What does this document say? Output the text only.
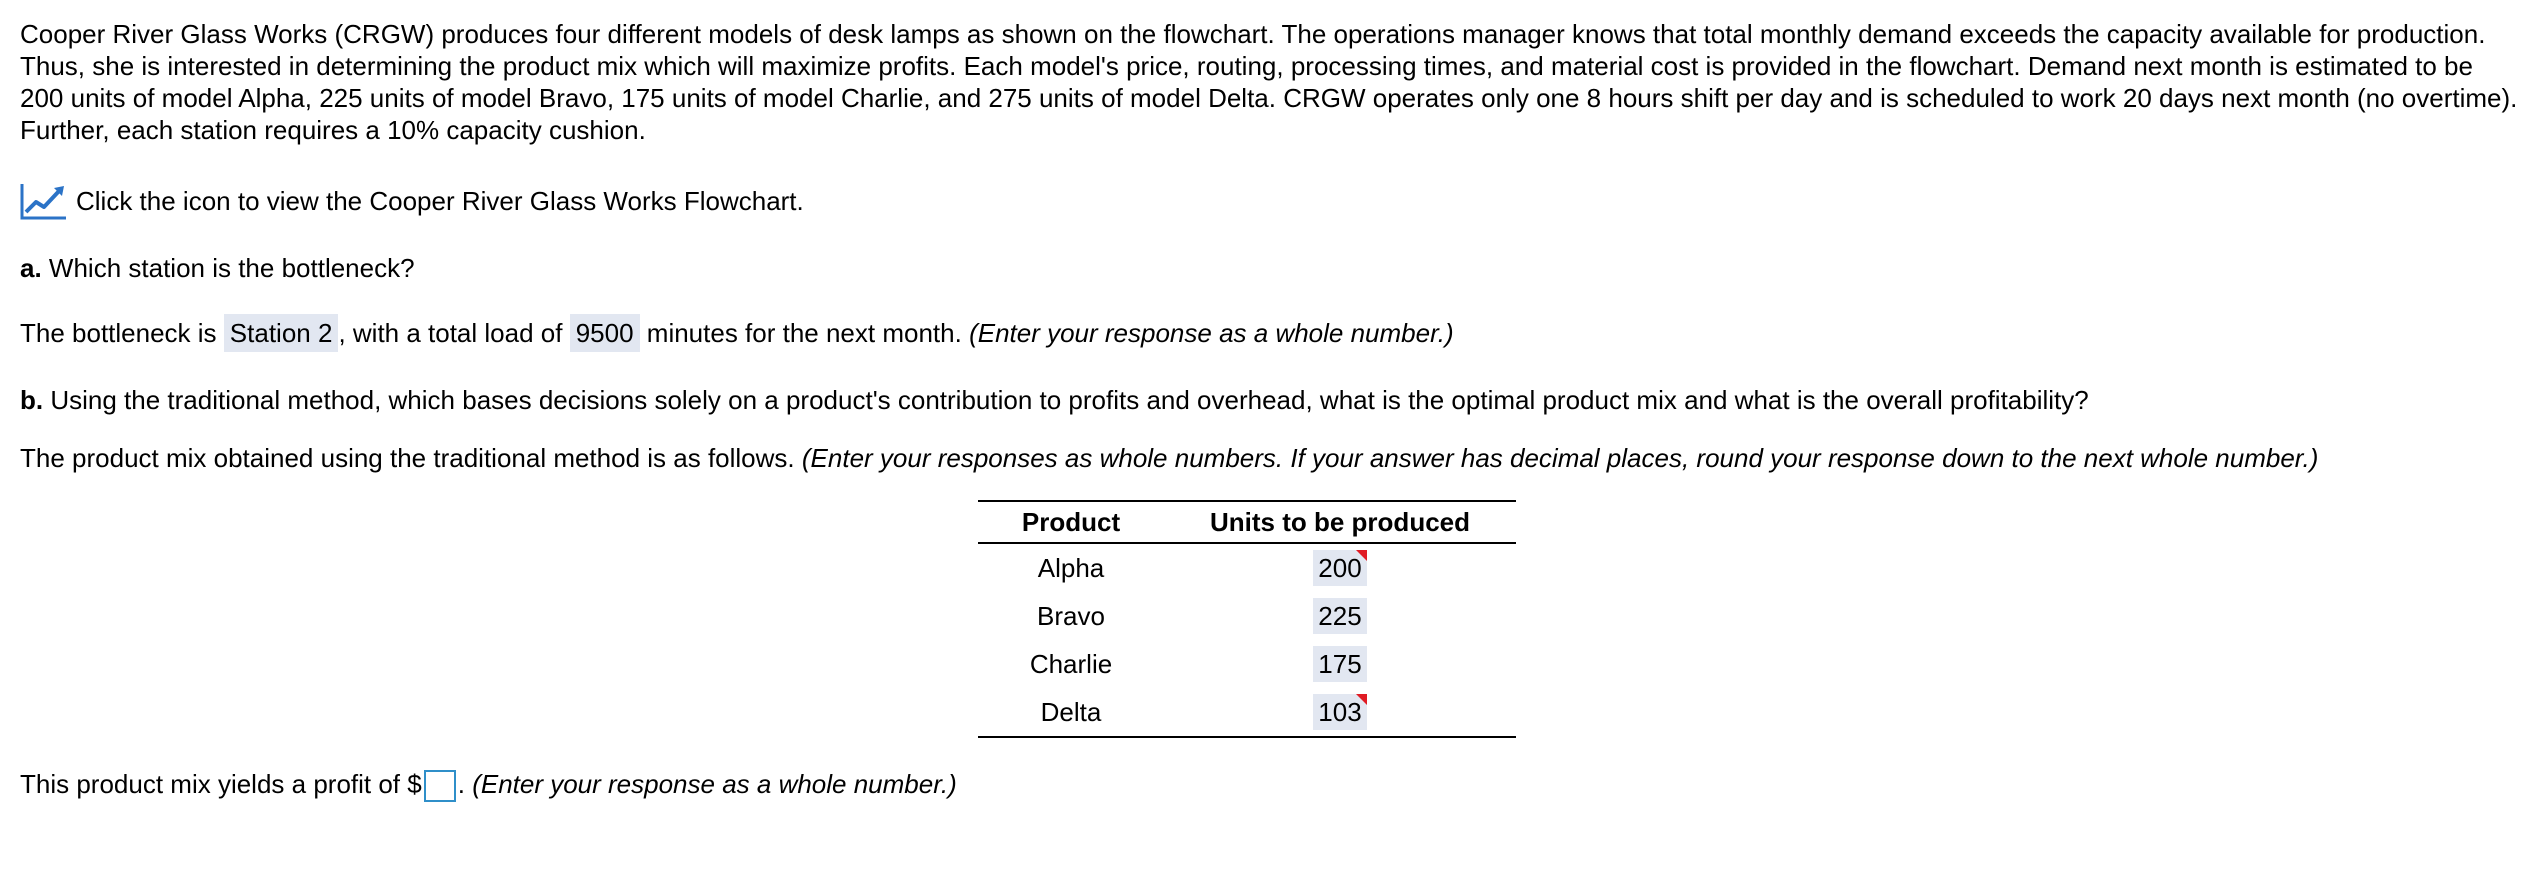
Cooper River Glass Works (CRGW) produces four different models of desk lamps as shown on the flowchart. The operations manager knows that total monthly demand exceeds the capacity available for production. Thus, she is interested in determining the product mix which will maximize profits. Each model's price, routing, processing times, and material cost is provided in the flowchart. Demand next month is estimated to be 200 units of model Alpha, 225 units of model Bravo, 175 units of model Charlie, and 275 units of model Delta. CRGW operates only one 8 hours shift per day and is scheduled to work 20 days next month (no overtime). Further, each station requires a 10% capacity cushion.

Click the icon to view the Cooper River Glass Works Flowchart.

a. Which station is the bottleneck?

The bottleneck is Station 2 , with a total load of 9500 minutes for the next month. (Enter your response as a whole number.)

b. Using the traditional method, which bases decisions solely on a product's contribution to profits and overhead, what is the optimal product mix and what is the overall profitability?

The product mix obtained using the traditional method is as follows. (Enter your responses as whole numbers. If your answer has decimal places, round your response down to the next whole number.)

This product mix yields a profit of $ . (Enter your response as a whole number.)

Product	Units to be produced
Alpha	200

Bravo	225
Charlie	175
Delta	103
